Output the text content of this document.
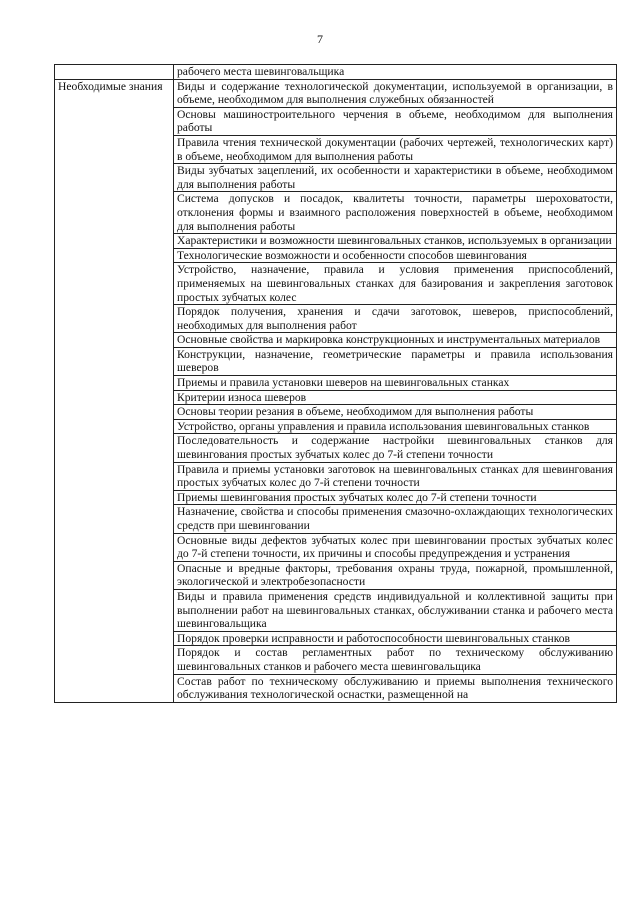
7
	рабочего места шевинговальщика
Необходимые знания	Виды и содержание технологической документации, используемой в организации, в объеме, необходимом для выполнения служебных обязанностей
	Основы машиностроительного черчения в объеме, необходимом для выполнения работы
	Правила чтения технической документации (рабочих чертежей, технологических карт) в объеме, необходимом для выполнения работы
	Виды зубчатых зацеплений, их особенности и характеристики в объеме, необходимом для выполнения работы
	Система допусков и посадок, квалитеты точности, параметры шероховатости, отклонения формы и взаимного расположения поверхностей в объеме, необходимом для выполнения работы
	Характеристики и возможности шевинговальных станков, используемых в организации
	Технологические возможности и особенности способов шевингования
	Устройство, назначение, правила и условия применения приспособлений, применяемых на шевинговальных станках для базирования и закрепления заготовок простых зубчатых колес
	Порядок получения, хранения и сдачи заготовок, шеверов, приспособлений, необходимых для выполнения работ
	Основные свойства и маркировка конструкционных и инструментальных материалов
	Конструкции, назначение, геометрические параметры и правила использования шеверов
	Приемы и правила установки шеверов на шевинговальных станках
	Критерии износа шеверов
	Основы теории резания в объеме, необходимом для выполнения работы
	Устройство, органы управления и правила использования шевинговальных станков
	Последовательность и содержание настройки шевинговальных станков для шевингования простых зубчатых колес до 7-й степени точности
	Правила и приемы установки заготовок на шевинговальных станках для шевингования простых зубчатых колес до 7-й степени точности
	Приемы шевингования простых зубчатых колес до 7-й степени точности
	Назначение, свойства и способы применения смазочно-охлаждающих технологических средств при шевинговании
	Основные виды дефектов зубчатых колес при шевинговании простых зубчатых колес до 7-й степени точности, их причины и способы предупреждения и устранения
	Опасные и вредные факторы, требования охраны труда, пожарной, промышленной, экологической и электробезопасности
	Виды и правила применения средств индивидуальной и коллективной защиты при выполнении работ на шевинговальных станках, обслуживании станка и рабочего места шевинговальщика
	Порядок проверки исправности и работоспособности шевинговальных станков
	Порядок и состав регламентных работ по техническому обслуживанию шевинговальных станков и рабочего места шевинговальщика
	Состав работ по техническому обслуживанию и приемы выполнения технического обслуживания технологической оснастки, размещенной на
